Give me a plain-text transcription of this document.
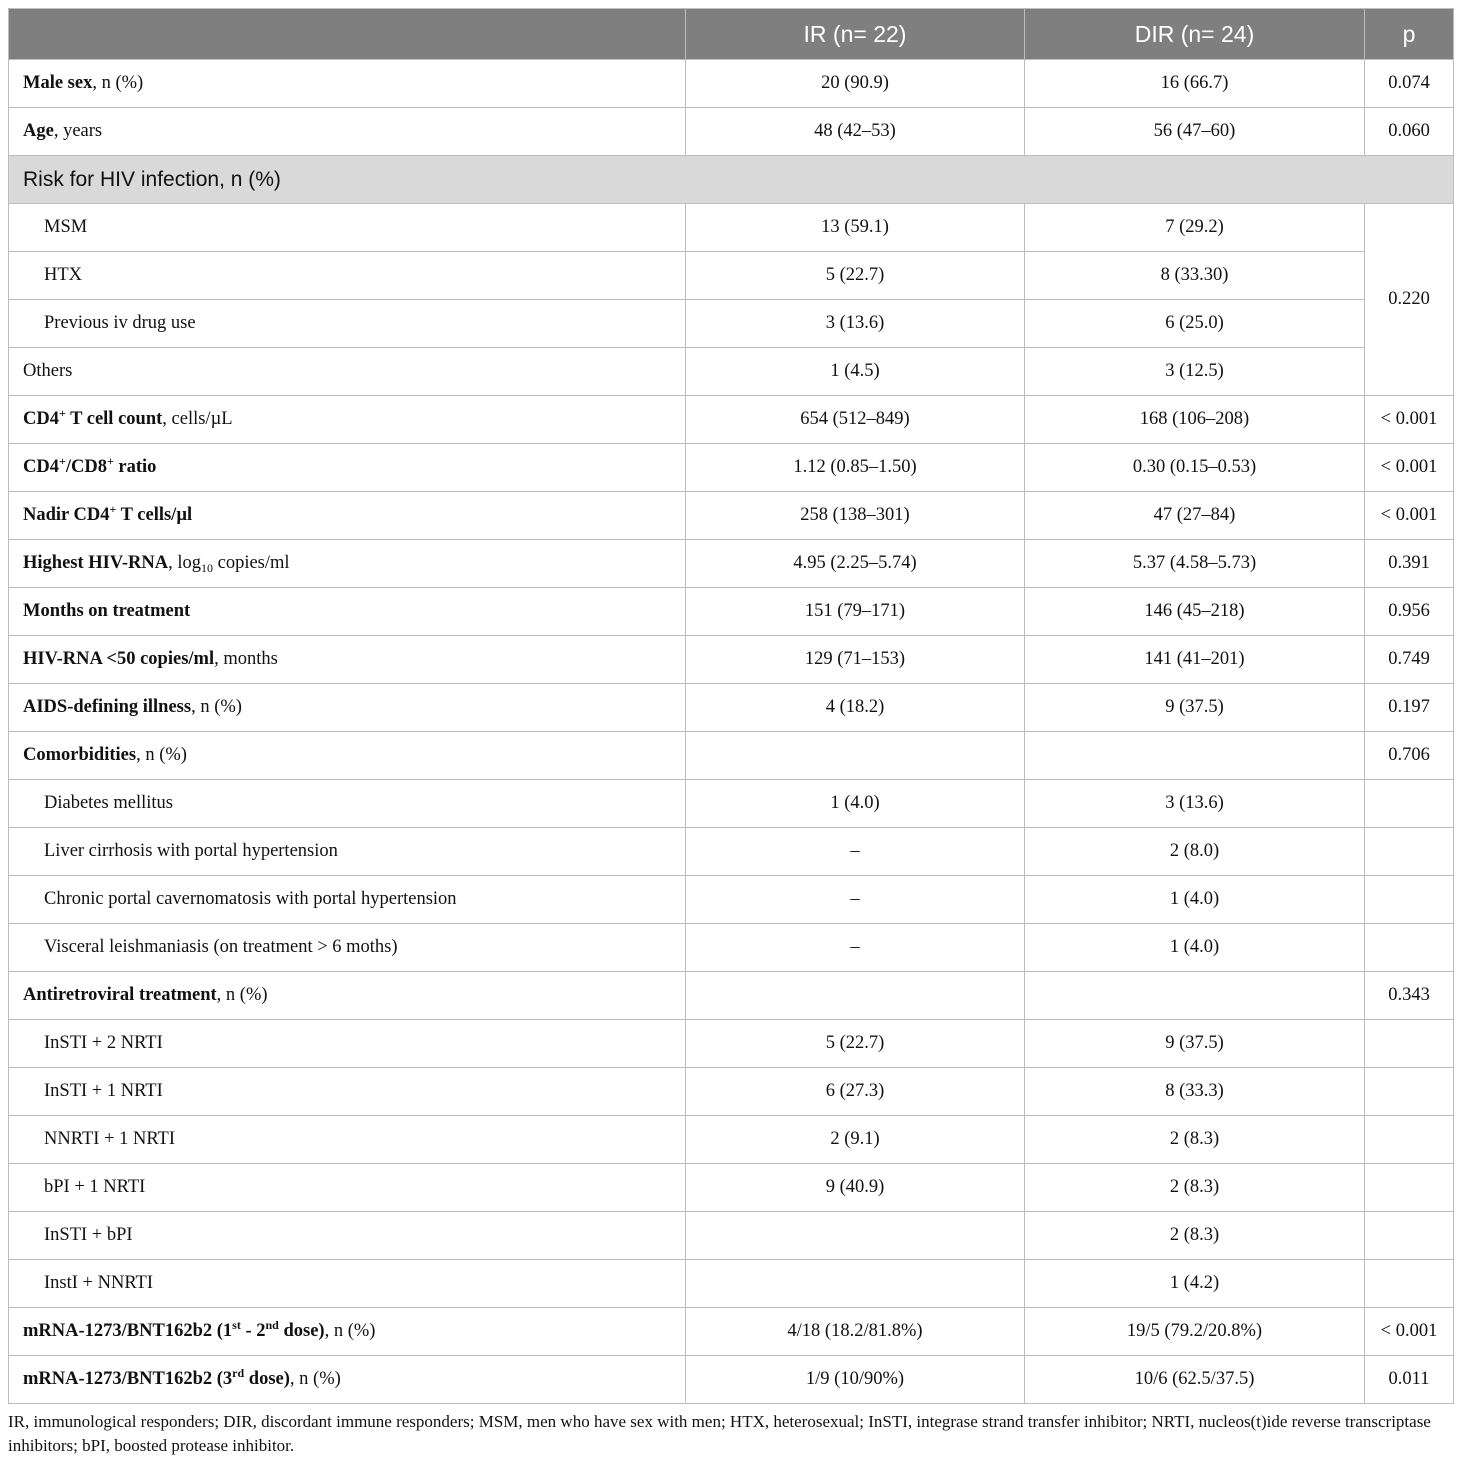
	IR (n= 22)	DIR (n= 24)	p
Male sex, n (%)	20 (90.9)	16 (66.7)	0.074
Age, years	48 (42–53)	56 (47–60)	0.060
Risk for HIV infection, n (%)			
MSM	13 (59.1)	7 (29.2)	0.220
HTX	5 (22.7)	8 (33.30)	
Previous iv drug use	3 (13.6)	6 (25.0)	
Others	1 (4.5)	3 (12.5)	
CD4+ T cell count, cells/µL	654 (512–849)	168 (106–208)	< 0.001
CD4+/CD8+ ratio	1.12 (0.85–1.50)	0.30 (0.15–0.53)	< 0.001
Nadir CD4+ T cells/µl	258 (138–301)	47 (27–84)	< 0.001
Highest HIV-RNA, $\log_{10}$ copies/ml	4.95 (2.25–5.74)	5.37 (4.58–5.73)	0.391
Months on treatment	151 (79–171)	146 (45–218)	0.956
HIV-RNA <50 copies/ml, months	129 (71–153)	141 (41–201)	0.749
AIDS-defining illness, n (%)	4 (18.2)	9 (37.5)	0.197
Comorbidities, n (%)			0.706
Diabetes mellitus	1 (4.0)	3 (13.6)	
Liver cirrhosis with portal hypertension	–	2 (8.0)	
Chronic portal cavernomatosis with portal hypertension	–	1 (4.0)	
Visceral leishmaniasis (on treatment > 6 moths)	–	1 (4.0)	
Antiretroviral treatment, n (%)			0.343
InSTI + 2 NRTI	5 (22.7)	9 (37.5)	
InSTI + 1 NRTI	6 (27.3)	8 (33.3)	
NNRTI + 1 NRTI	2 (9.1)	2 (8.3)	
bPI + 1 NRTI	9 (40.9)	2 (8.3)	
InSTI + bPI		2 (8.3)	
InstI + NNRTI		1 (4.2)	
mRNA-1273/BNT162b2 (1st - 2nd dose), n (%)	4/18 (18.2/81.8%)	19/5 (79.2/20.8%)	< 0.001
mRNA-1273/BNT162b2 (3rd dose), n (%)	1/9 (10/90%)	10/6 (62.5/37.5)	0.011
IR, immunological responders; DIR, discordant immune responders; MSM, men who have sex with men; HTX, heterosexual; InSTI, integrase strand transfer inhibitor; NRTI, nucleos(t)ide reverse transcriptase inhibitors; bPI, boosted protease inhibitor.
